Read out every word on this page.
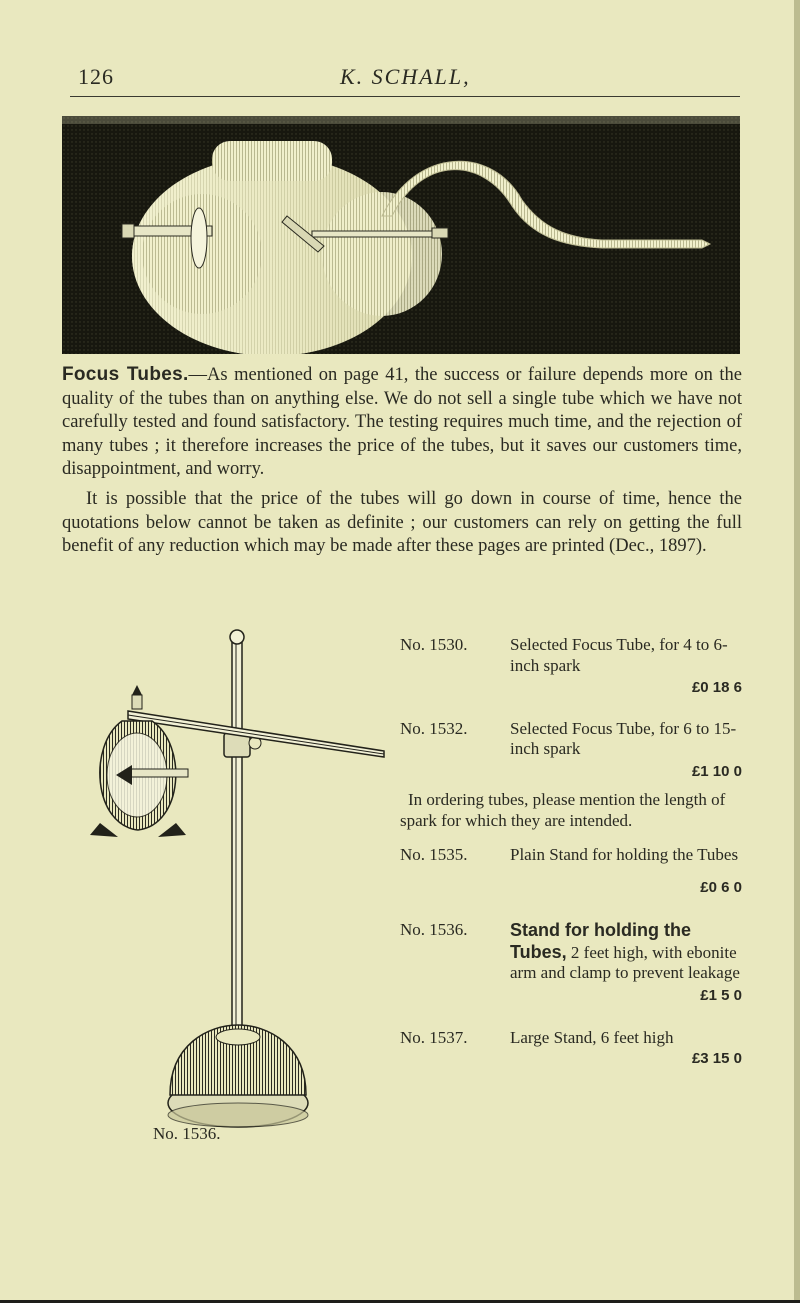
126	K. SCHALL,

Focus Tubes.—As mentioned on page 41, the success or failure depends more on the quality of the tubes than on anything else. We do not sell a single tube which we have not carefully tested and found satisfactory. The testing requires much time, and the rejection of many tubes ; it therefore increases the price of the tubes, but it saves our customers time, disappointment, and worry.

It is possible that the price of the tubes will go down in course of time, hence the quotations below cannot be taken as definite ; our customers can rely on getting the full benefit of any reduction which may be made after these pages are printed (Dec., 1897).

No. 1536.
No. 1530.	Selected Focus Tube, for 4 to 6-inch spark
£0 18 6
No. 1532.	Selected Focus Tube, for 6 to 15-inch spark
£1 10 0

In ordering tubes, please mention the length of spark for which they are intended.

No. 1535.	Plain Stand for holding the Tubes
£0 6 0
No. 1536.	Stand for holding the Tubes, 2 feet high, with ebonite arm and clamp to prevent leakage
£1 5 0
No. 1537.	Large Stand, 6 feet high
£3 15 0
